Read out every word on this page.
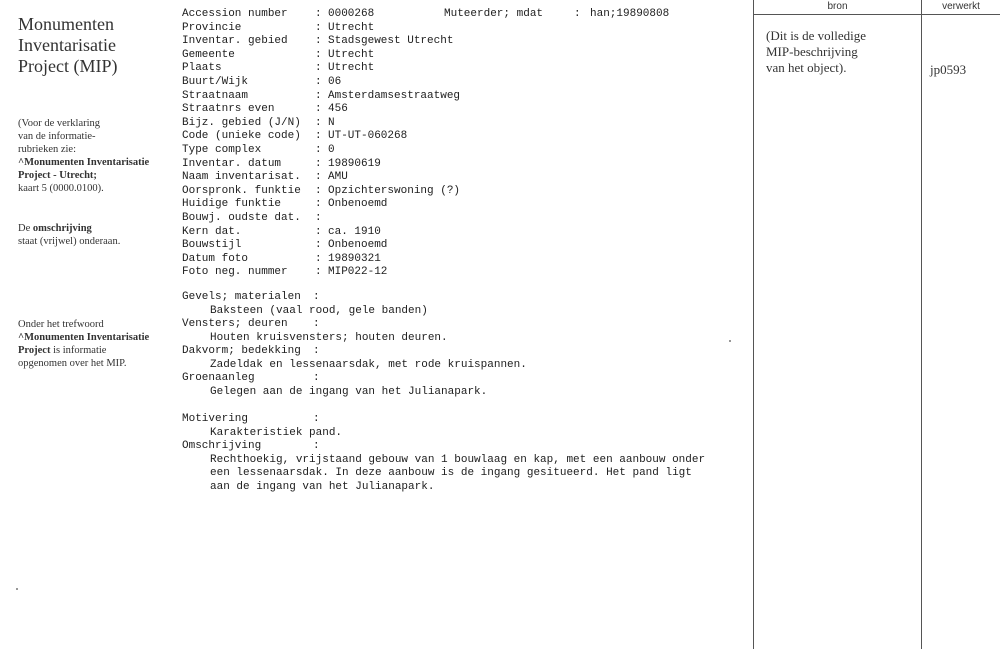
Monumenten
Inventarisatie
Project (MIP)
(Voor de verklaring
van de informatie-
rubrieken zie:
^Monumenten Inventarisatie
Project - Utrecht;
kaart 5 (0000.0100).
De omschrijving
staat (vrijwel) onderaan.
Onder het trefwoord
^Monumenten Inventarisatie
Project is informatie
opgenomen over het MIP.
Accession number : 0000268
Provincie	: Utrecht
Inventar. gebied : Stadsgewest Utrecht
Gemeente	: Utrecht
Plaats	: Utrecht
Buurt/Wijk	: 06
Straatnaam	: Amsterdamsestraatweg
Straatnrs even	: 456
Bijz. gebied (J/N) : N
Code (unieke code) : UT-UT-060268
Type complex	: 0
Inventar. datum	: 19890619
Naam inventarisat. : AMU
Oorspronk. funktie : Opzichterswoning (?)
Huidige funktie	: Onbenoemd
Bouwj. oudste dat. :
Kern dat.	: ca. 1910
Bouwstijl	: Onbenoemd
Datum foto	: 19890321
Foto neg. nummer : MIP022-12
Muteerder; mdat	: han;19890808
Gevels; materialen :
Baksteen (vaal rood, gele banden)
Vensters; deuren :
Houten kruisvensters; houten deuren.
Dakvorm; bedekking :
Zadeldak en lessenaarsdak, met rode kruispannen.
Groenaanleg	:
Gelegen aan de ingang van het Julianapark.
Motivering	:
Karakteristiek pand.
Omschrijving	:
Rechthoekig, vrijstaand gebouw van 1 bouwlaag en kap, met een aanbouw onder
een lessenaarsdak. In deze aanbouw is de ingang gesitueerd. Het pand ligt
aan de ingang van het Julianapark.
bron	verwerkt
(Dit is de volledige
MIP-beschrijving
van het object).	jp0593
